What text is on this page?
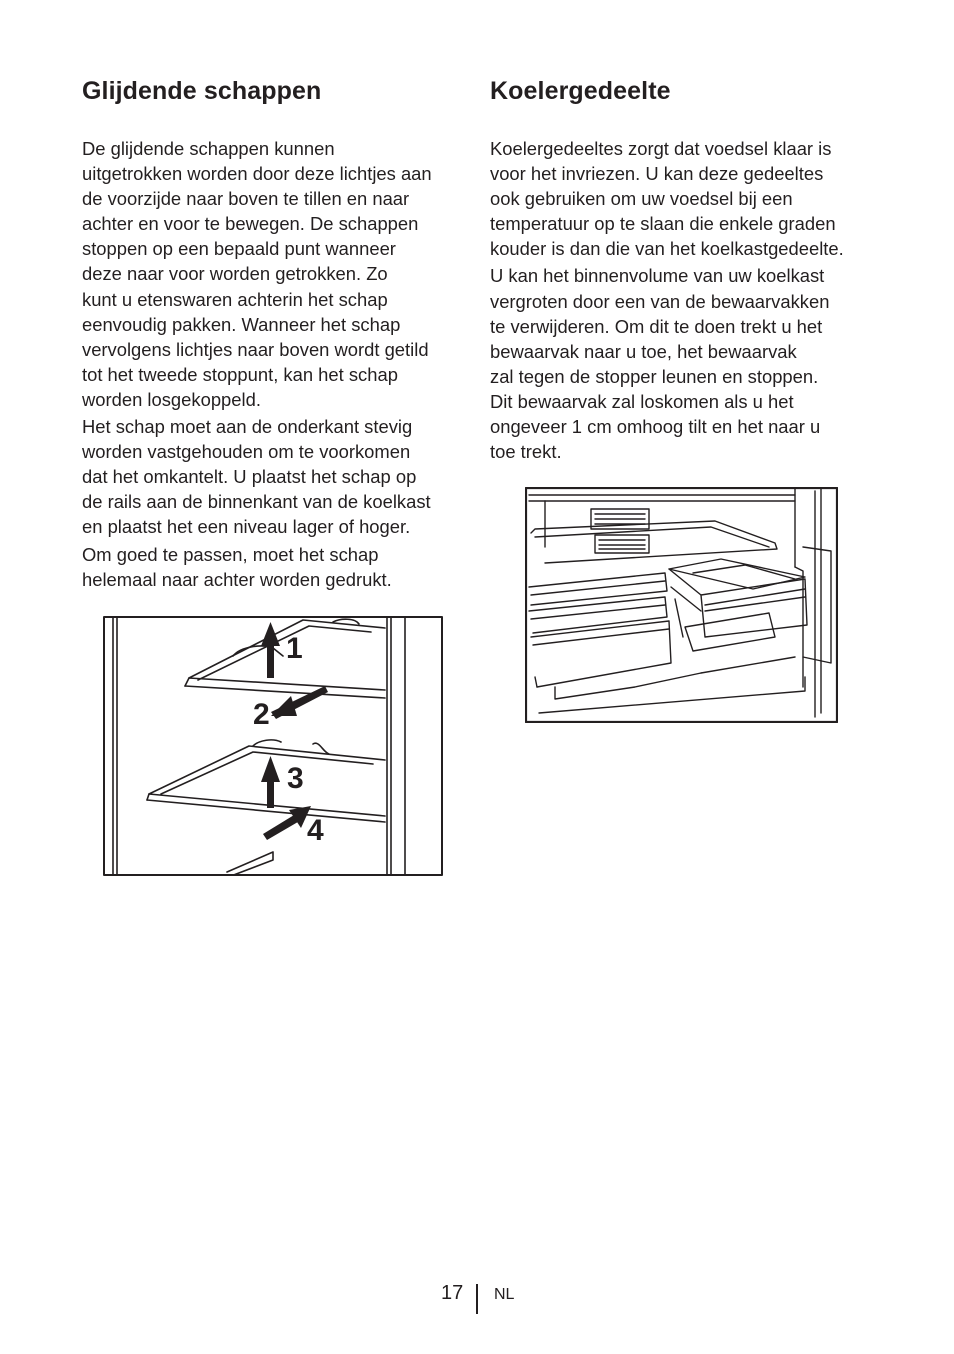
Glijdende schappen

De glijdende schappen kunnen
uitgetrokken worden door deze lichtjes aan
de voorzijde naar boven te tillen en naar
achter en voor te bewegen. De schappen
stoppen op een bepaald punt wanneer
deze naar voor worden getrokken. Zo
kunt u etenswaren achterin het schap
eenvoudig pakken. Wanneer het schap
vervolgens lichtjes naar boven wordt getild
tot het tweede stoppunt, kan het schap
worden losgekoppeld.

Het schap moet aan de onderkant stevig
worden vastgehouden om te voorkomen
dat het omkantelt. U plaatst het schap op
de rails aan de binnenkant van de koelkast
en plaatst het een niveau lager of hoger.

Om goed te passen, moet het schap
helemaal naar achter worden gedrukt.

Koelergedeelte

Koelergedeeltes zorgt dat voedsel klaar is
voor het invriezen. U kan deze gedeeltes
ook gebruiken om uw voedsel bij een
temperatuur op te slaan die enkele graden
kouder is dan die van het koelkastgedeelte.

U kan het binnenvolume van uw koelkast
vergroten door een van de bewaarvakken
te verwijderen. Om dit te doen trekt u het
bewaarvak naar u toe, het bewaarvak
zal tegen de stopper leunen en stoppen.
Dit bewaarvak zal loskomen als u het
ongeveer 1 cm omhoog tilt en het naar u
toe trekt.

1
2
3
4
17 NL
